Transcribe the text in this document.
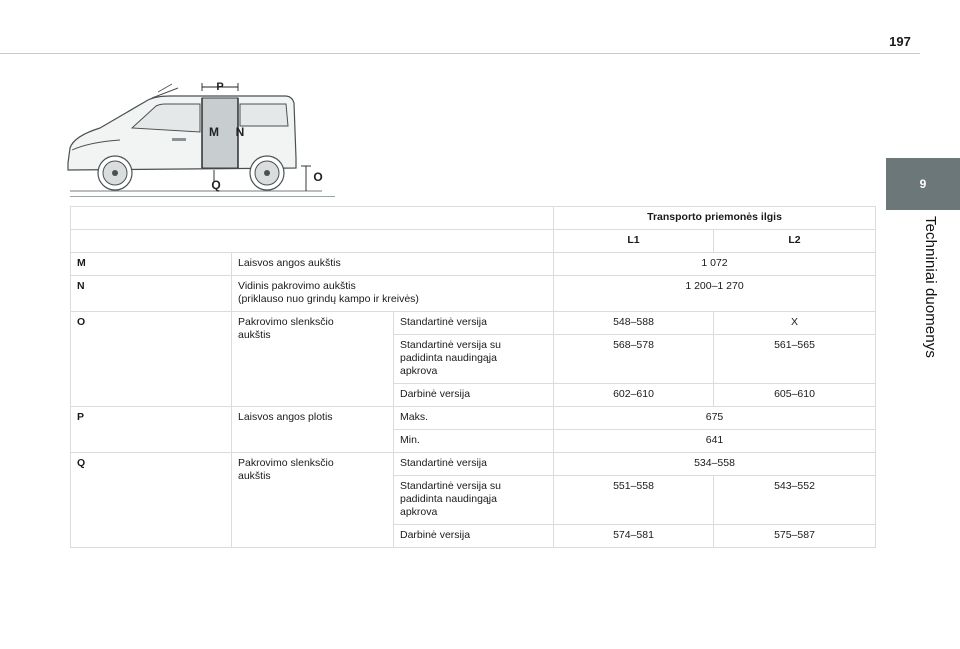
197
9
Techniniai duomenys
P
M N
Q
O
			Transporto priemonės ilgis	
			L1	L2
M	Laisvos angos aukštis		1 072	
N	Vidinis pakrovimo aukštis
(priklauso nuo grindų kampo ir kreivės)		1 200–1 270	
O	Pakrovimo slenksčio aukštis	Standartinė versija	548–588	X
		Standartinė versija su padidinta naudingąja apkrova	568–578	561–565
		Darbinė versija	602–610	605–610
P	Laisvos angos plotis	Maks.	675	
		Min.	641	
Q	Pakrovimo slenksčio aukštis	Standartinė versija	534–558	
		Standartinė versija su padidinta naudingąja apkrova	551–558	543–552
		Darbinė versija	574–581	575–587
